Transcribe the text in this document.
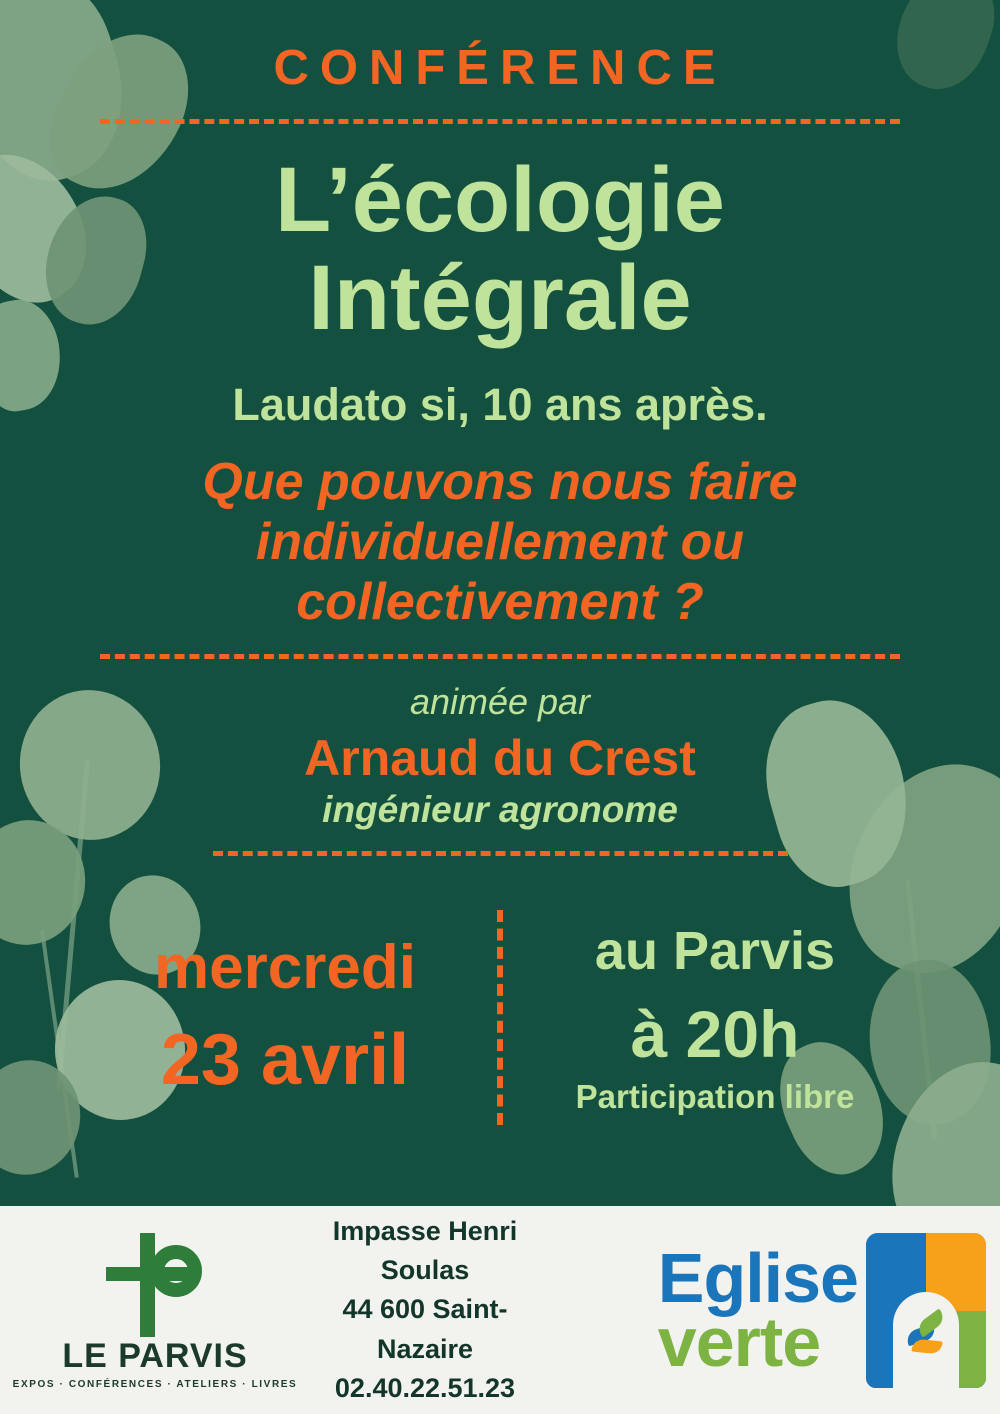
CONFÉRENCE
L’écologie
Intégrale
Laudato si, 10 ans après.
Que pouvons nous faire
individuellement ou
collectivement ?
animée par
Arnaud du Crest
ingénieur agronome
mercredi
23 avril
au Parvis
à 20h
Participation libre
LE PARVIS
EXPOS · CONFÉRENCES · ATELIERS · LIVRES
Impasse Henri Soulas
44 600 Saint-Nazaire
02.40.22.51.23
Eglise
verte
